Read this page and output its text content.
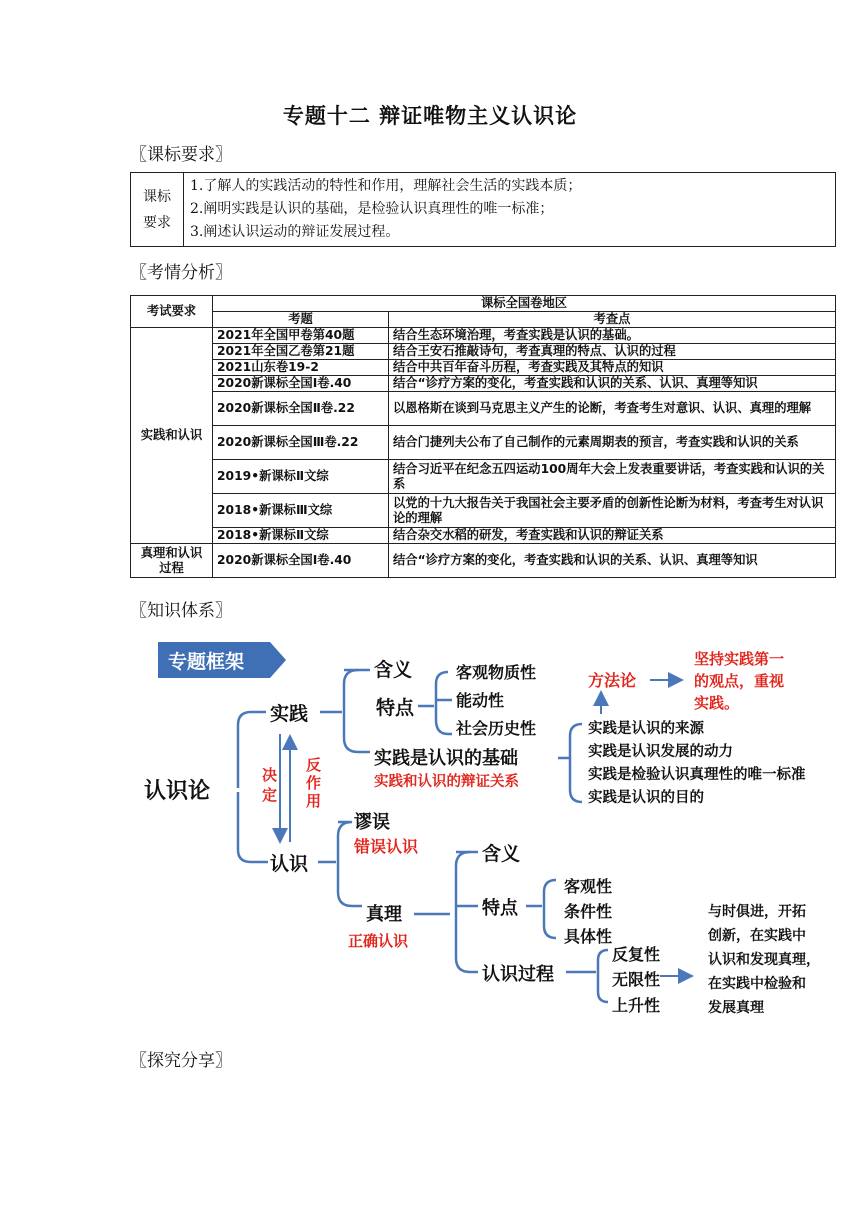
专题十二 辩证唯物主义认识论
〖课标要求〗
课标
要求

1.了解人的实践活动的特性和作用，理解社会生活的实践本质；
2.阐明实践是认识的基础，是检验认识真理性的唯一标准；
3.阐述认识运动的辩证发展过程。
〖考情分析〗
考试要求	课标全国卷地区	
	考题	考查点
实践和认识	2021年全国甲卷第40题	结合生态环境治理，考查实践是认识的基础。
	2021年全国乙卷第21题	结合王安石推敲诗句，考查真理的特点、认识的过程
	2021山东卷19-2	结合中共百年奋斗历程，考查实践及其特点的知识
	2020新课标全国Ⅰ卷.40	结合“诊疗方案的变化，考查实践和认识的关系、认识、真理等知识
	2020新课标全国Ⅱ卷.22	以恩格斯在谈到马克思主义产生的论断，考查考生对意识、认识、真理的理解
	2020新课标全国Ⅲ卷.22	结合门捷列夫公布了自己制作的元素周期表的预言，考查实践和认识的关系
	2019•新课标Ⅱ文综	结合习近平在纪念五四运动100周年大会上发表重要讲话，考查实践和认识的关系
	2018•新课标Ⅲ文综	以党的十九大报告关于我国社会主要矛盾的创新性论断为材料，考查考生对认识论的理解
	2018•新课标Ⅱ文综	结合杂交水稻的研发，考查实践和认识的辩证关系
真理和认识过程	2020新课标全国Ⅰ卷.40	结合“诊疗方案的变化，考查实践和认识的关系、认识、真理等知识
〖知识体系〗
专题框架
认识论
实践
认识
含义
特点
客观物质性
能动性
社会历史性
实践是认识的基础
实践是认识的来源
实践是认识发展的动力
实践是检验认识真理性的唯一标准
实践是认识的目的
谬误
真理
含义
特点
客观性
条件性
具体性
认识过程
反复性
无限性
上升性
与时俱进，开拓
创新，在实践中
认识和发现真理，
在实践中检验和
发展真理
决定
反作用
实践和认识的辩证关系
方法论
坚持实践第一
的观点，重视
实践。
错误认识
正确认识
〖探究分享〗
